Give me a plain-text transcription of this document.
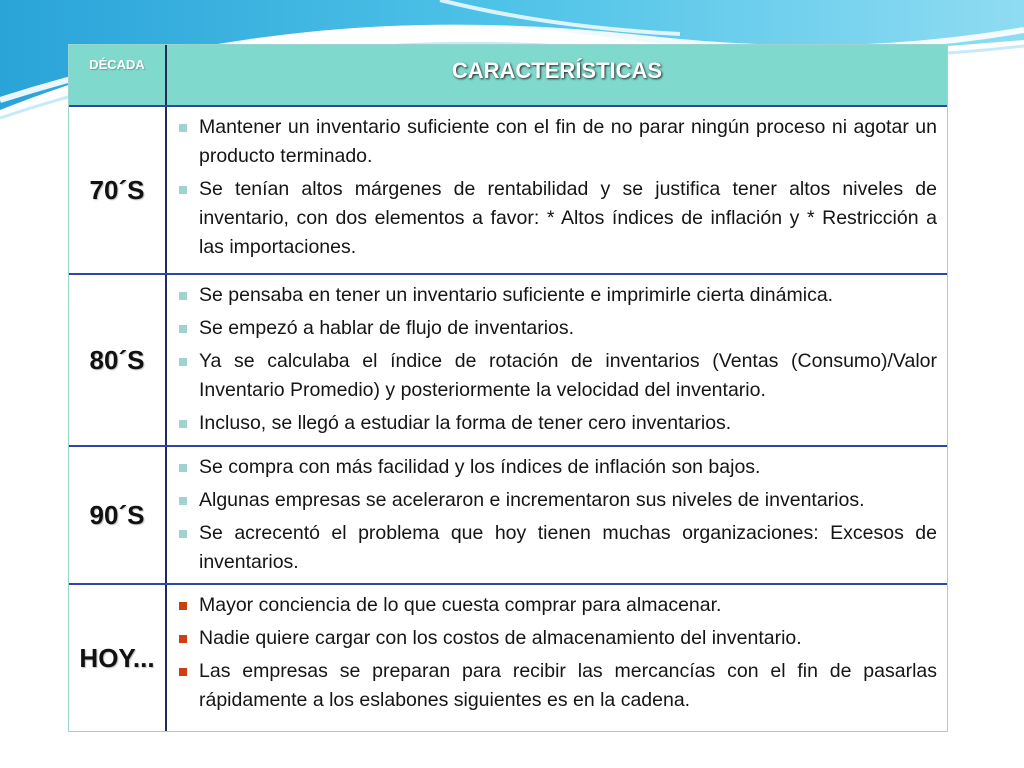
DÉCADA	CARACTERÍSTICAS
70´S
Mantener un inventario suficiente con el fin de no parar ningún proceso ni agotar un producto terminado.
Se tenían altos márgenes de rentabilidad y se justifica tener altos niveles de inventario, con dos elementos a favor: * Altos índices de inflación y * Restricción a las importaciones.
80´S
Se pensaba en tener un inventario suficiente e imprimirle cierta dinámica.
Se empezó a hablar de flujo de inventarios.
Ya se calculaba el índice de rotación de inventarios (Ventas (Consumo)/Valor Inventario Promedio) y posteriormente la velocidad del inventario.
Incluso, se llegó a estudiar la forma de tener cero inventarios.
90´S
Se compra con más facilidad y los índices de inflación son bajos.
Algunas empresas se aceleraron e incrementaron sus niveles de inventarios.
Se acrecentó el problema que hoy tienen muchas organizaciones: Excesos de inventarios.
HOY...
Mayor conciencia de lo que cuesta comprar para almacenar.
Nadie quiere cargar con los costos de almacenamiento del inventario.
Las empresas se preparan para recibir las mercancías con el fin de pasarlas rápidamente a los eslabones siguientes es en la cadena.
